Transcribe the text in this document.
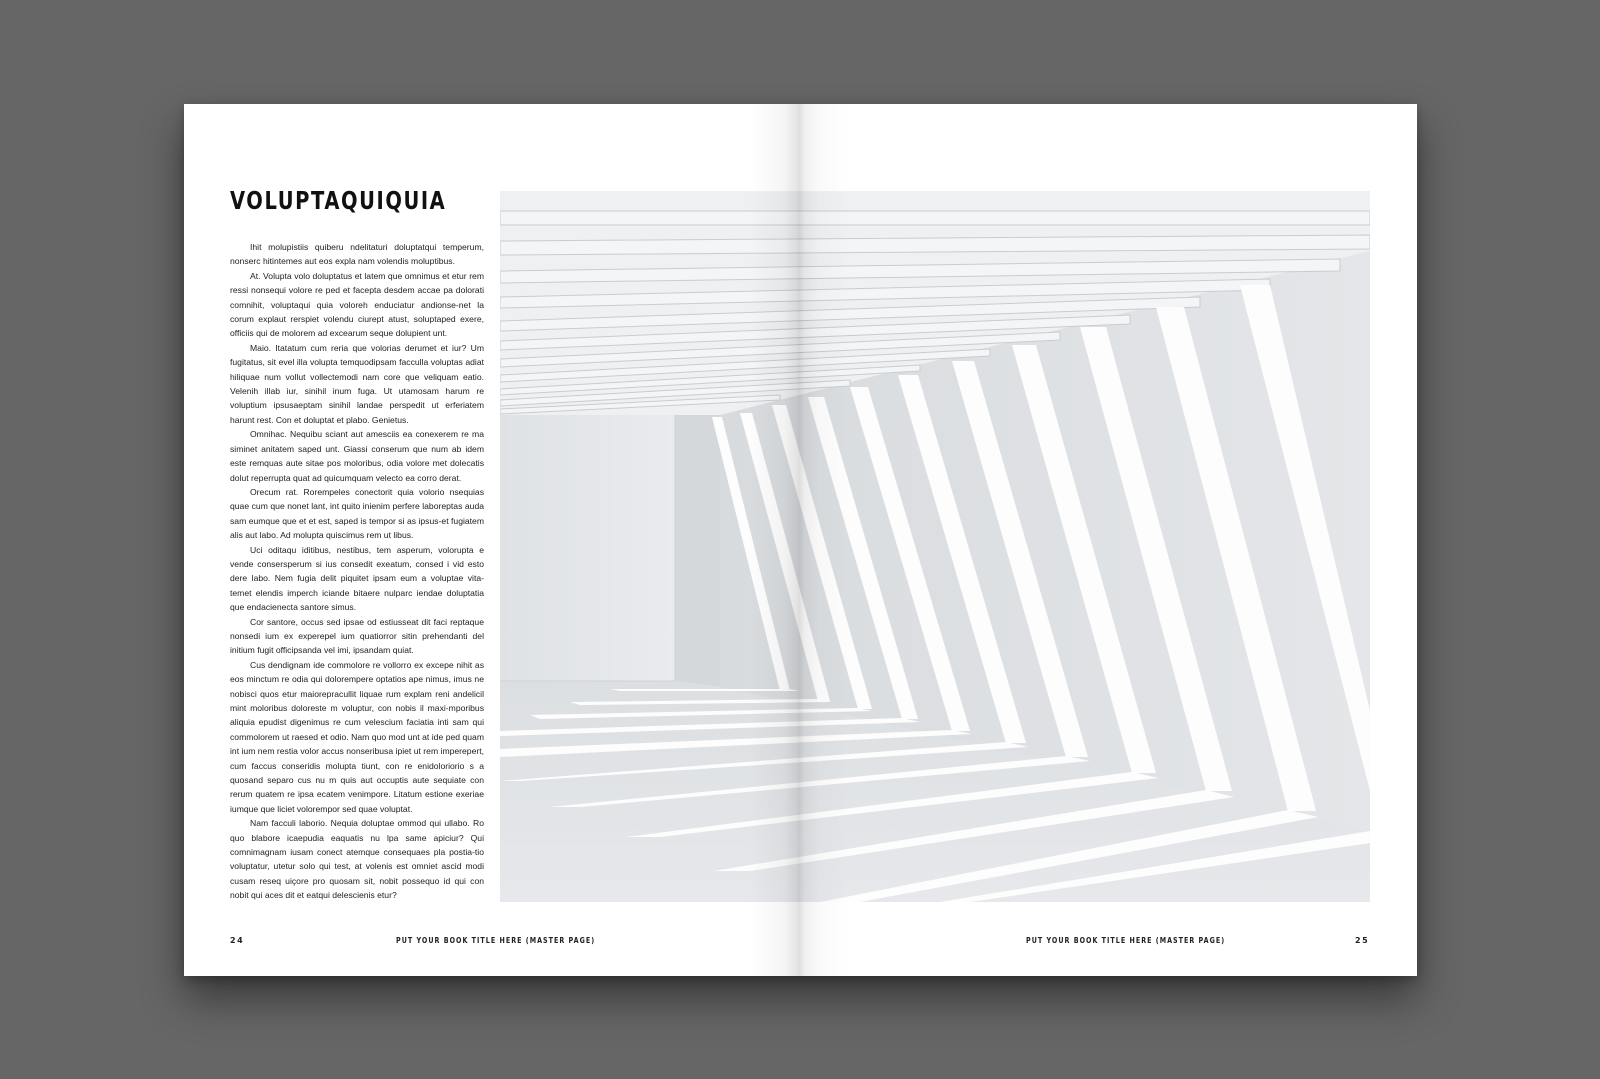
VOLUPTAQUIQUIA

Ihit molupistiis quiberu ndelitaturi doluptatqui temperum, nonserc hitintemes aut eos expla nam volendis moluptibus.

At. Volupta volo doluptatus et latem que omnimus et etur rem ressi nonsequi volore re ped et facepta desdem accae pa dolorati comnihit, voluptaqui quia voloreh enduciatur andionse-net la corum explaut rerspiet volendu ciurept atust, soluptaped exere, officiis qui de molorem ad excearum seque dolupient unt.

Maio. Itatatum cum reria que volorias derumet et iur? Um fugitatus, sit evel illa volupta temquodipsam facculla voluptas adiat hiliquae num vollut vollectemodi nam core que veliquam eatio. Velenih illab iur, sinihil inum fuga. Ut utamosam harum re voluptium ipsusaeptam sinihil landae perspedit ut erferiatem harunt rest. Con et doluptat et plabo. Genietus.

Omnihac. Nequibu sciant aut amesciis ea conexerem re ma siminet anitatem saped unt. Giassi conserum que num ab idem este remquas aute sitae pos moloribus, odia volore met dolecatis dolut reperrupta quat ad quicumquam velecto ea corro derat.

Orecum rat. Rorempeles conectorit quia volorio nsequias quae cum que nonet lant, int quito inienim perfere laboreptas auda sam eumque que et et est, saped is tempor si as ipsus-et fugiatem alis aut labo. Ad molupta quiscimus rem ut libus.

Uci oditaqu iditibus, nestibus, tem asperum, volorupta e vende consersperum si ius consedit exeatum, consed i vid esto dere labo. Nem fugia delit piquitet ipsam eum a voluptae vita-temet elendis imperch iciande bitaere nulparc iendae doluptatia que endacienecta santore simus.

Cor santore, occus sed ipsae od estiusseat dit faci reptaque nonsedi ium ex experepel ium quatiorror sitin prehendanti del initium fugit officipsanda vel imi, ipsandam quiat.

Cus dendignam ide commolore re vollorro ex excepe nihit as eos minctum re odia qui dolorempere optatios ape nimus, imus ne nobisci quos etur maiorepracullit liquae rum explam reni andelicil mint moloribus doloreste m voluptur, con nobis il maxi-mporibus aliquia epudist digenimus re cum velescium faciatia inti sam qui commolorem ut raesed et odio. Nam quo mod unt at ide ped quam int ium nem restia volor accus nonseribusa ipiet ut rem imperepert, cum faccus conseridis molupta tiunt, con re enidoloriorio s a quosand separo cus nu m quis aut occuptis aute sequiate con rerum quatem re ipsa ecatem venimpore. Litatum estione exeriae iumque que liciet volorempor sed quae voluptat.

Nam facculi laborio. Nequia doluptae ommod qui ullabo. Ro quo blabore icaepudia eaquatis nu lpa same apiciur? Qui comnimagnam iusam conect atemque consequaes pla postia-tio voluptatur, utetur solo qui test, at volenis est omniet ascid modi cusam reseq uiçore pro quosam sit, nobit possequo id qui con nobit qui aces dit et eatqui delescienis etur?

24	PUT YOUR BOOK TITLE HERE (MASTER PAGE)	PUT YOUR BOOK TITLE HERE (MASTER PAGE)	25
